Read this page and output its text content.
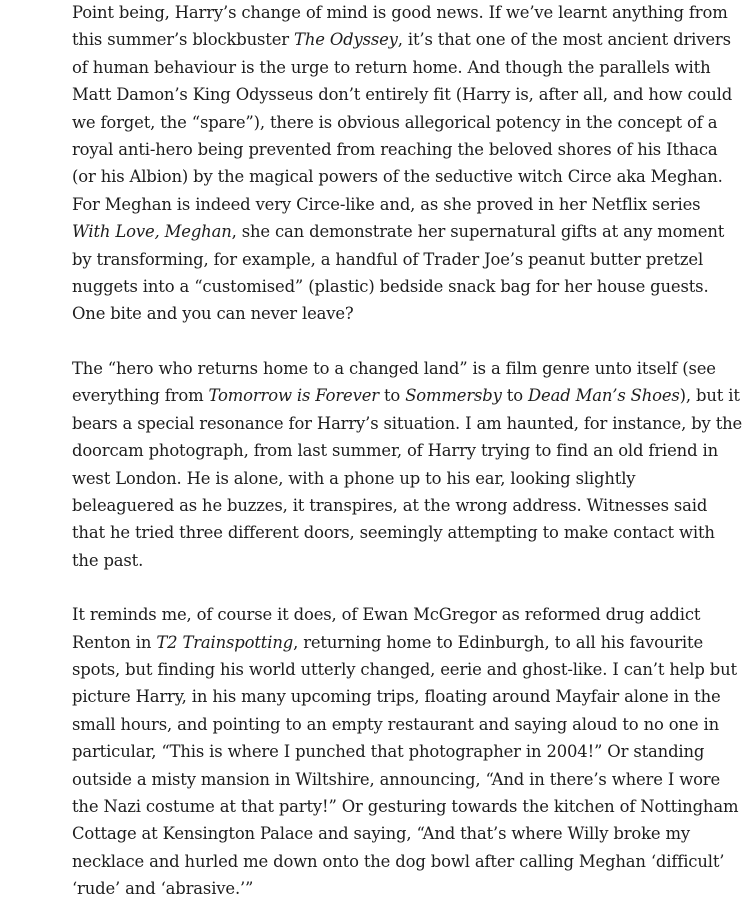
Point being, Harry’s change of mind is good news. If we’ve learnt anything from
this summer’s blockbuster The Odyssey, it’s that one of the most ancient drivers
of human behaviour is the urge to return home. And though the parallels with
Matt Damon’s King Odysseus don’t entirely fit (Harry is, after all, and how could
we forget, the “spare”), there is obvious allegorical potency in the concept of a
royal anti-hero being prevented from reaching the beloved shores of his Ithaca
(or his Albion) by the magical powers of the seductive witch Circe aka Meghan.
For Meghan is indeed very Circe-like and, as she proved in her Netflix series
With Love, Meghan, she can demonstrate her supernatural gifts at any moment
by transforming, for example, a handful of Trader Joe’s peanut butter pretzel
nuggets into a “customised” (plastic) bedside snack bag for her house guests.
One bite and you can never leave?

The “hero who returns home to a changed land” is a film genre unto itself (see
everything from Tomorrow is Forever to Sommersby to Dead Man’s Shoes), but it
bears a special resonance for Harry’s situation. I am haunted, for instance, by the
doorcam photograph, from last summer, of Harry trying to find an old friend in
west London. He is alone, with a phone up to his ear, looking slightly
beleaguered as he buzzes, it transpires, at the wrong address. Witnesses said
that he tried three different doors, seemingly attempting to make contact with
the past.

It reminds me, of course it does, of Ewan McGregor as reformed drug addict
Renton in T2 Trainspotting, returning home to Edinburgh, to all his favourite
spots, but finding his world utterly changed, eerie and ghost-like. I can’t help but
picture Harry, in his many upcoming trips, floating around Mayfair alone in the
small hours, and pointing to an empty restaurant and saying aloud to no one in
particular, “This is where I punched that photographer in 2004!” Or standing
outside a misty mansion in Wiltshire, announcing, “And in there’s where I wore
the Nazi costume at that party!” Or gesturing towards the kitchen of Nottingham
Cottage at Kensington Palace and saying, “And that’s where Willy broke my
necklace and hurled me down onto the dog bowl after calling Meghan ‘difficult’
‘rude’ and ‘abrasive.’”
